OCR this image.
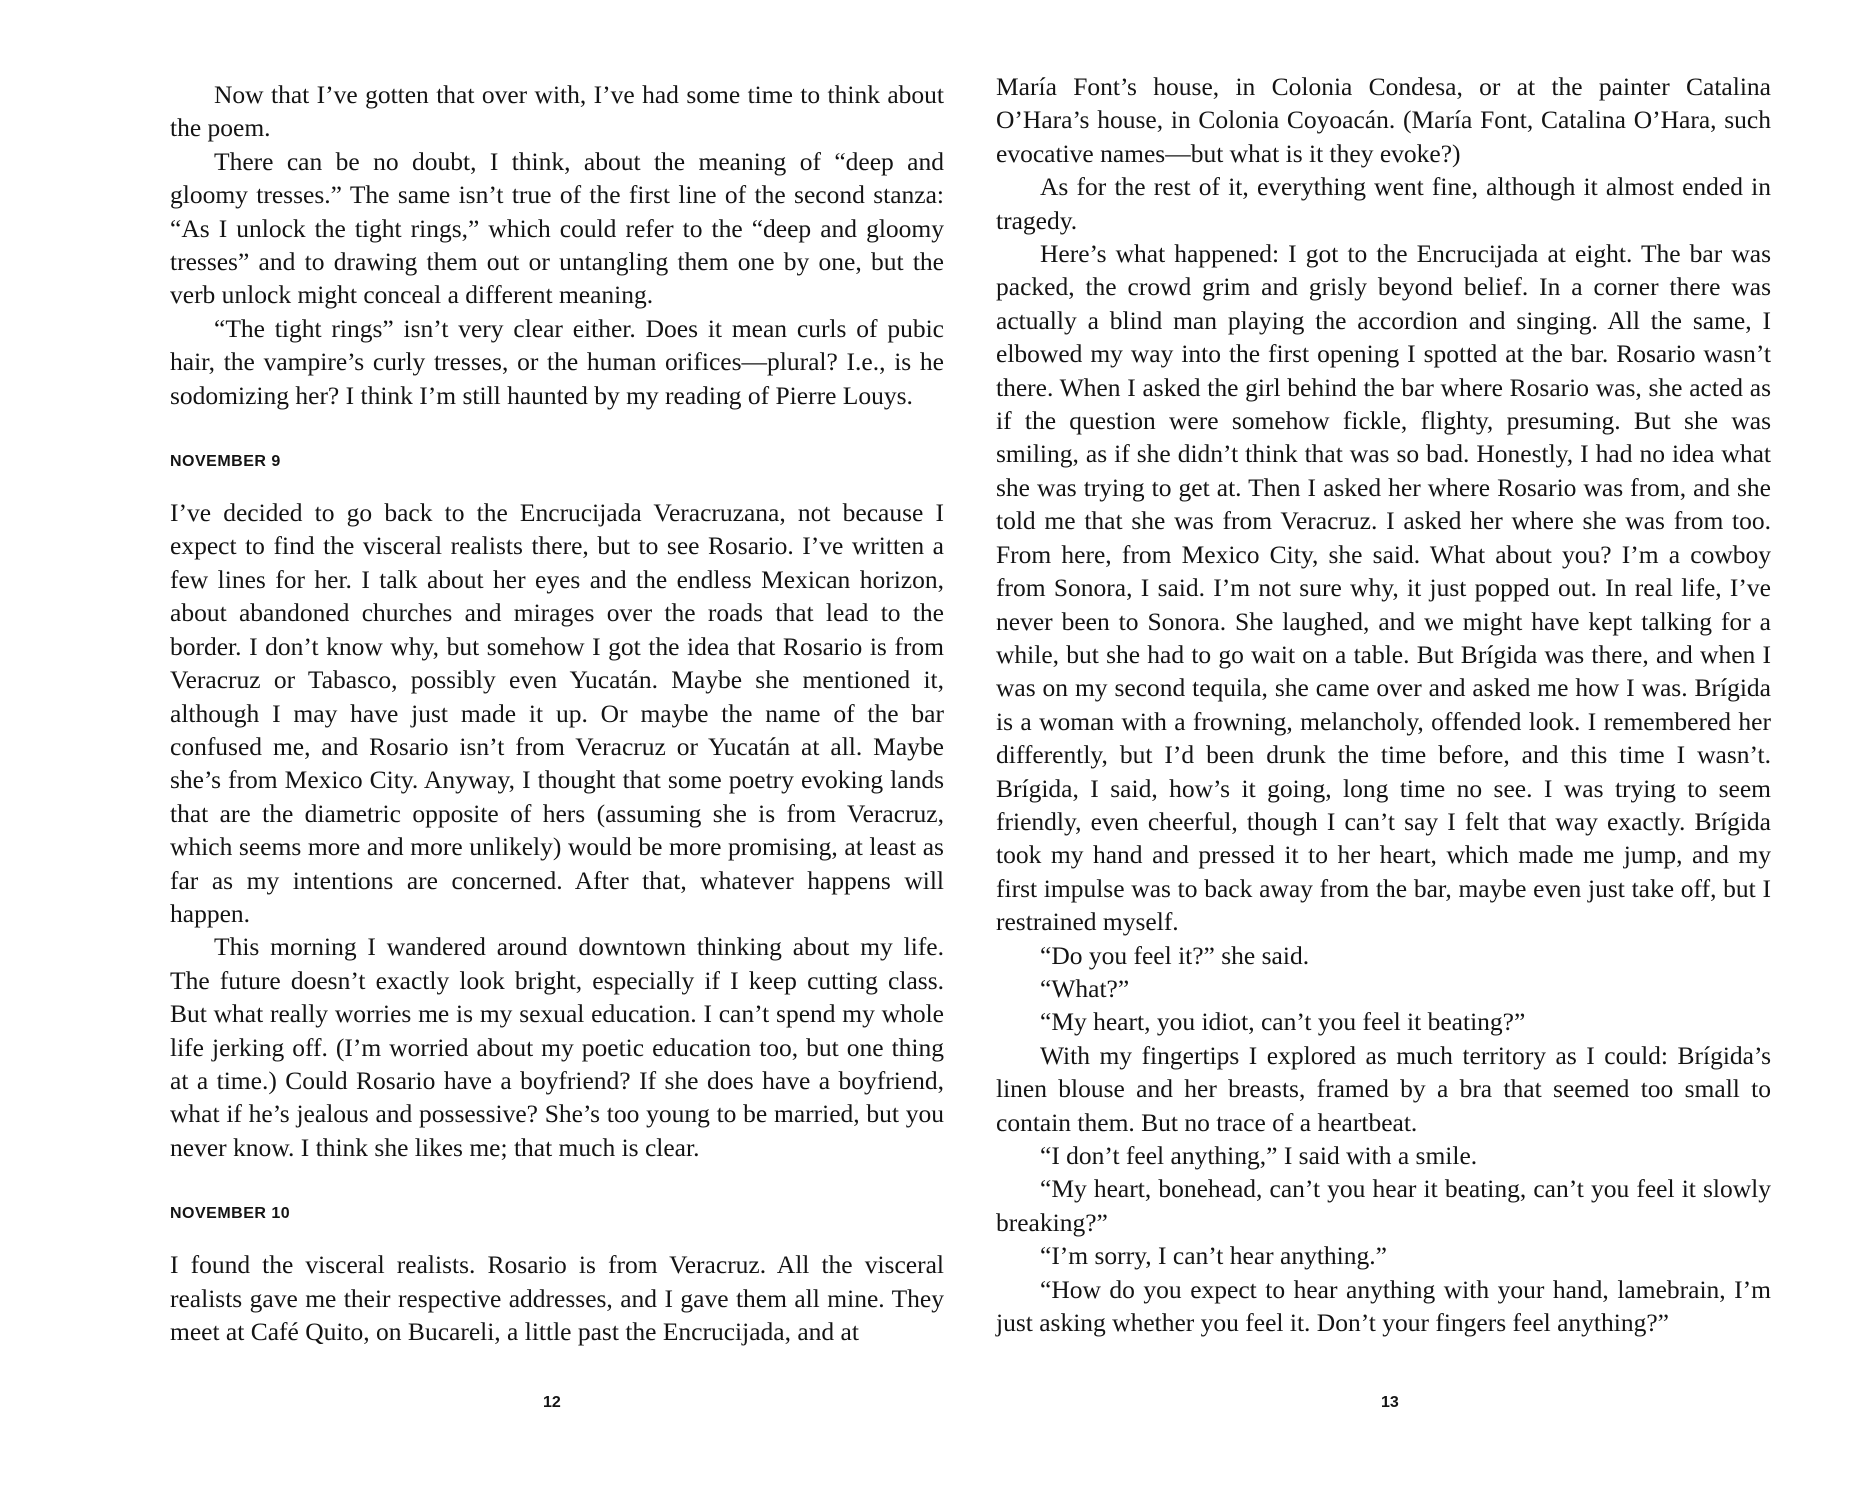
Now that I’ve gotten that over with, I’ve had some time to think about the poem.

There can be no doubt, I think, about the meaning of “deep and gloomy tresses.” The same isn’t true of the first line of the second stanza: “As I unlock the tight rings,” which could refer to the “deep and gloomy tresses” and to drawing them out or untangling them one by one, but the verb unlock might conceal a different meaning.

“The tight rings” isn’t very clear either. Does it mean curls of pubic hair, the vampire’s curly tresses, or the human orifices—plural? I.e., is he sodomizing her? I think I’m still haunted by my reading of Pierre Louys.

NOVEMBER 9

I’ve decided to go back to the Encrucijada Veracruzana, not because I expect to find the visceral realists there, but to see Rosario. I’ve written a few lines for her. I talk about her eyes and the endless Mexican horizon, about abandoned churches and mirages over the roads that lead to the border. I don’t know why, but somehow I got the idea that Rosario is from Veracruz or Tabasco, possibly even Yucatán. Maybe she mentioned it, although I may have just made it up. Or maybe the name of the bar confused me, and Rosario isn’t from Veracruz or Yucatán at all. Maybe she’s from Mexico City. Anyway, I thought that some poetry evoking lands that are the diametric opposite of hers (assuming she is from Veracruz, which seems more and more unlikely) would be more promising, at least as far as my intentions are concerned. After that, whatever happens will happen.

This morning I wandered around downtown thinking about my life. The future doesn’t exactly look bright, especially if I keep cutting class. But what really worries me is my sexual education. I can’t spend my whole life jerking off. (I’m worried about my poetic education too, but one thing at a time.) Could Rosario have a boyfriend? If she does have a boyfriend, what if he’s jealous and possessive? She’s too young to be married, but you never know. I think she likes me; that much is clear.

NOVEMBER 10

I found the visceral realists. Rosario is from Veracruz. All the visceral realists gave me their respective addresses, and I gave them all mine. They meet at Café Quito, on Bucareli, a little past the Encrucijada, and at

12

María Font’s house, in Colonia Condesa, or at the painter Catalina O’Hara’s house, in Colonia Coyoacán. (María Font, Catalina O’Hara, such evocative names—but what is it they evoke?)

As for the rest of it, everything went fine, although it almost ended in tragedy.

Here’s what happened: I got to the Encrucijada at eight. The bar was packed, the crowd grim and grisly beyond belief. In a corner there was actually a blind man playing the accordion and singing. All the same, I elbowed my way into the first opening I spotted at the bar. Rosario wasn’t there. When I asked the girl behind the bar where Rosario was, she acted as if the question were somehow fickle, flighty, presuming. But she was smiling, as if she didn’t think that was so bad. Honestly, I had no idea what she was trying to get at. Then I asked her where Rosario was from, and she told me that she was from Veracruz. I asked her where she was from too. From here, from Mexico City, she said. What about you? I’m a cowboy from Sonora, I said. I’m not sure why, it just popped out. In real life, I’ve never been to Sonora. She laughed, and we might have kept talking for a while, but she had to go wait on a table. But Brígida was there, and when I was on my second tequila, she came over and asked me how I was. Brígida is a woman with a frowning, melancholy, offended look. I remembered her differently, but I’d been drunk the time before, and this time I wasn’t. Brígida, I said, how’s it going, long time no see. I was trying to seem friendly, even cheerful, though I can’t say I felt that way exactly. Brígida took my hand and pressed it to her heart, which made me jump, and my first impulse was to back away from the bar, maybe even just take off, but I restrained myself.

“Do you feel it?” she said.

“What?”

“My heart, you idiot, can’t you feel it beating?”

With my fingertips I explored as much territory as I could: Brígida’s linen blouse and her breasts, framed by a bra that seemed too small to contain them. But no trace of a heartbeat.

“I don’t feel anything,” I said with a smile.

“My heart, bonehead, can’t you hear it beating, can’t you feel it slowly breaking?”

“I’m sorry, I can’t hear anything.”

“How do you expect to hear anything with your hand, lamebrain, I’m just asking whether you feel it. Don’t your fingers feel anything?”

13
